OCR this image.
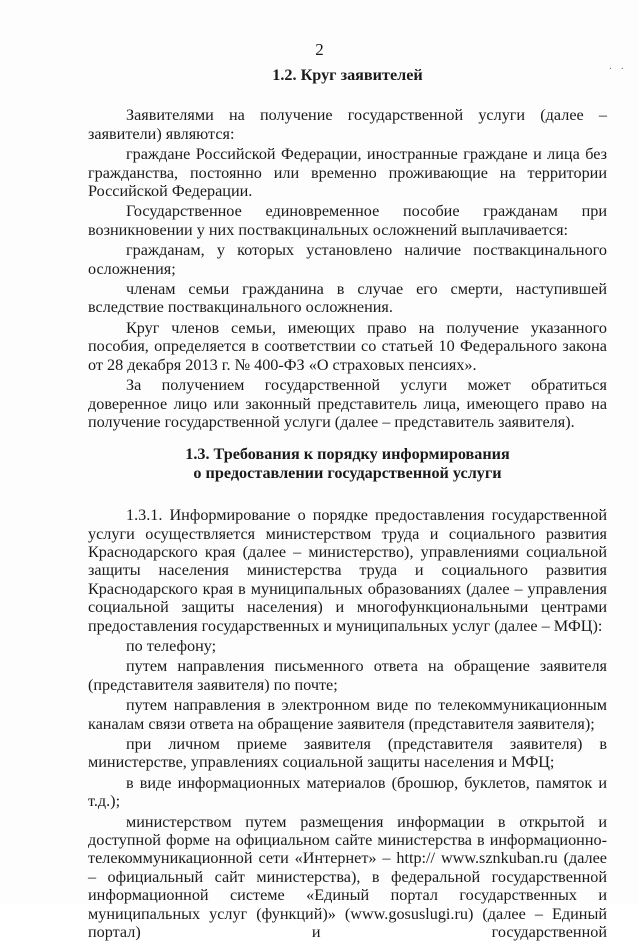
2
· ·

1.2. Круг заявителей

Заявителями на получение государственной услуги (далее – заявители) являются:

граждане Российской Федерации, иностранные граждане и лица без гражданства, постоянно или временно проживающие на территории Российской Федерации.

Государственное единовременное пособие гражданам при возникновении у них поствакцинальных осложнений выплачивается:

гражданам, у которых установлено наличие поствакцинального осложнения;

членам семьи гражданина в случае его смерти, наступившей вследствие поствакцинального осложнения.

Круг членов семьи, имеющих право на получение указанного пособия, определяется в соответствии со статьей 10 Федерального закона от 28 декабря 2013 г. № 400-ФЗ «О страховых пенсиях».

За получением государственной услуги может обратиться доверенное лицо или законный представитель лица, имеющего право на получение государственной услуги (далее – представитель заявителя).

1.3. Требования к порядку информирования
о предоставлении государственной услуги

1.3.1. Информирование о порядке предоставления государственной услуги осуществляется министерством труда и социального развития Краснодарского края (далее – министерство), управлениями социальной защиты населения министерства труда и социального развития Краснодарского края в муниципальных образованиях (далее – управления социальной защиты населения) и многофункциональными центрами предоставления государственных и муниципальных услуг (далее – МФЦ):

по телефону;

путем направления письменного ответа на обращение заявителя (представителя заявителя) по почте;

путем направления в электронном виде по телекоммуникационным каналам связи ответа на обращение заявителя (представителя заявителя);

при личном приеме заявителя (представителя заявителя) в министерстве, управлениях социальной защиты населения и МФЦ;

в виде информационных материалов (брошюр, буклетов, памяток и т.д.);

министерством путем размещения информации в открытой и доступной форме на официальном сайте министерства в информационно-телекоммуникационной сети «Интернет» – http:// www.sznkuban.ru (далее – официальный сайт министерства), в федеральной государственной информационной системе «Единый портал государственных и муниципальных услуг (функций)» (www.gosuslugi.ru) (далее – Единый портал) и государственной
